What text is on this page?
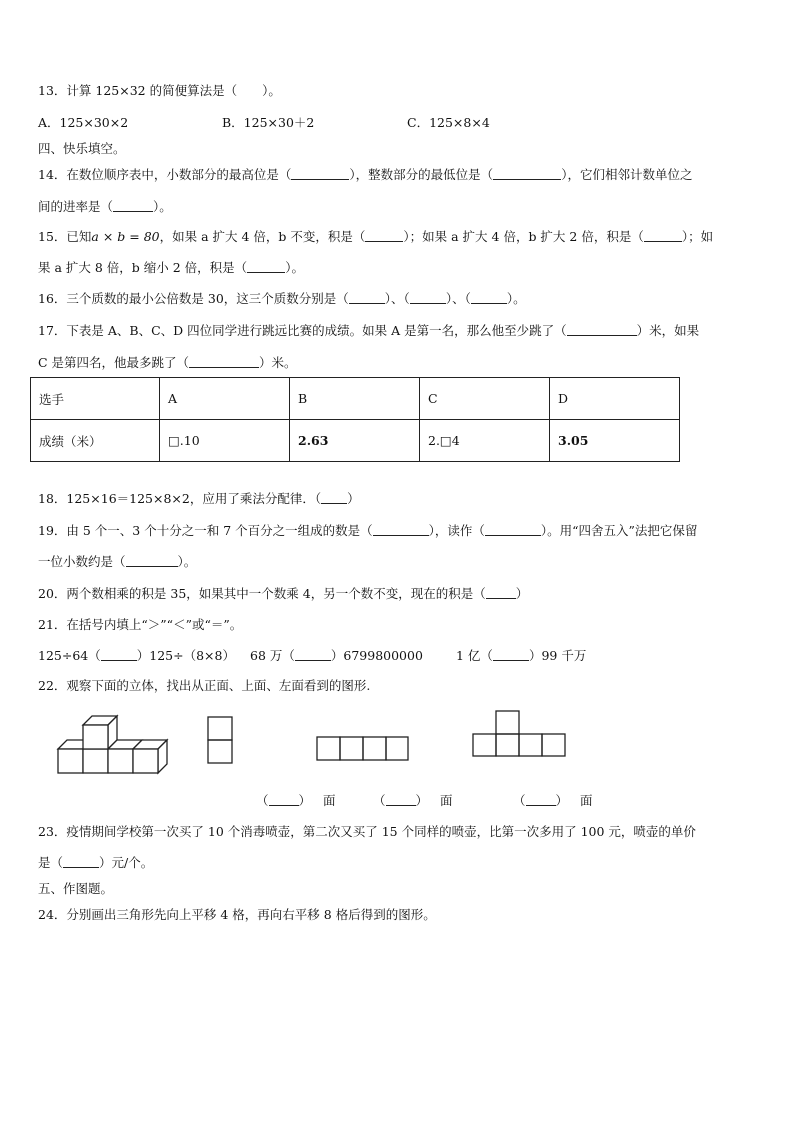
13．计算 125×32 的简便算法是（　　）。
A．125×30×2	B．125×30＋2	C．125×8×4
四、快乐填空。
14．在数位顺序表中，小数部分的最高位是（	），整数部分的最低位是（	），它们相邻计数单位之
间的进率是（	）。
15．已知a × b = 80，如果 a 扩大 4 倍，b 不变，积是（	）；如果 a 扩大 4 倍，b 扩大 2 倍，积是（	）；如
果 a 扩大 8 倍，b 缩小 2 倍，积是（	）。
16．三个质数的最小公倍数是 30，这三个质数分别是（	）、（	）、（	）。
17．下表是 A、B、C、D 四位同学进行跳远比赛的成绩。如果 A 是第一名，那么他至少跳了（	）米，如果
C 是第四名，他最多跳了（	）米。
选手	A	B	C	D
成绩（米）	□.10	2.63	2.□4	3.05
18．125×16＝125×8×2，应用了乘法分配律．（ ）
19．由 5 个一、3 个十分之一和 7 个百分之一组成的数是（	），读作（	）。用“四舍五入”法把它保留
一位小数约是（	）。
20．两个数相乘的积是 35，如果其中一个数乘 4，另一个数不变，现在的积是（ ）
21．在括号内填上“＞”“＜”或“＝”。
125÷64（	）125÷（8×8） 68 万（	）6799800000	1 亿（	）99 千万
22．观察下面的立体，找出从正面、上面、左面看到的图形.
（ ） 面	（ ） 面	（ ） 面
23．疫情期间学校第一次买了 10 个消毒喷壶，第二次又买了 15 个同样的喷壶，比第一次多用了 100 元，喷壶的单价
是（	）元/个。
五、作图题。
24．分别画出三角形先向上平移 4 格，再向右平移 8 格后得到的图形。
